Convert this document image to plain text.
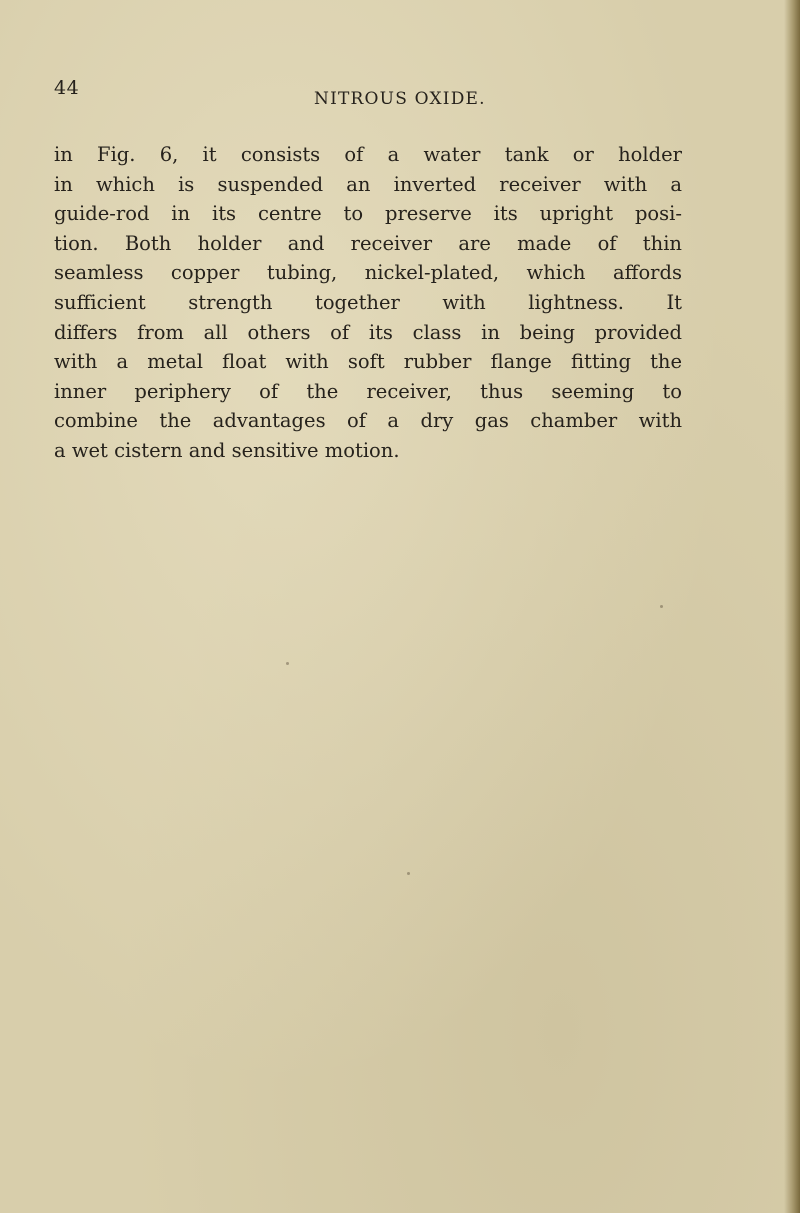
44	NITROUS OXIDE.

in Fig. 6, it consists of a water tank or holder
in which is suspended an inverted receiver with a
guide-rod in its centre to preserve its upright posi-
tion. Both holder and receiver are made of thin
seamless copper tubing, nickel-plated, which affords
sufficient strength together with lightness. It
differs from all others of its class in being provided
with a metal float with soft rubber flange fitting the
inner periphery of the receiver, thus seeming to
combine the advantages of a dry gas chamber with
a wet cistern and sensitive motion.
